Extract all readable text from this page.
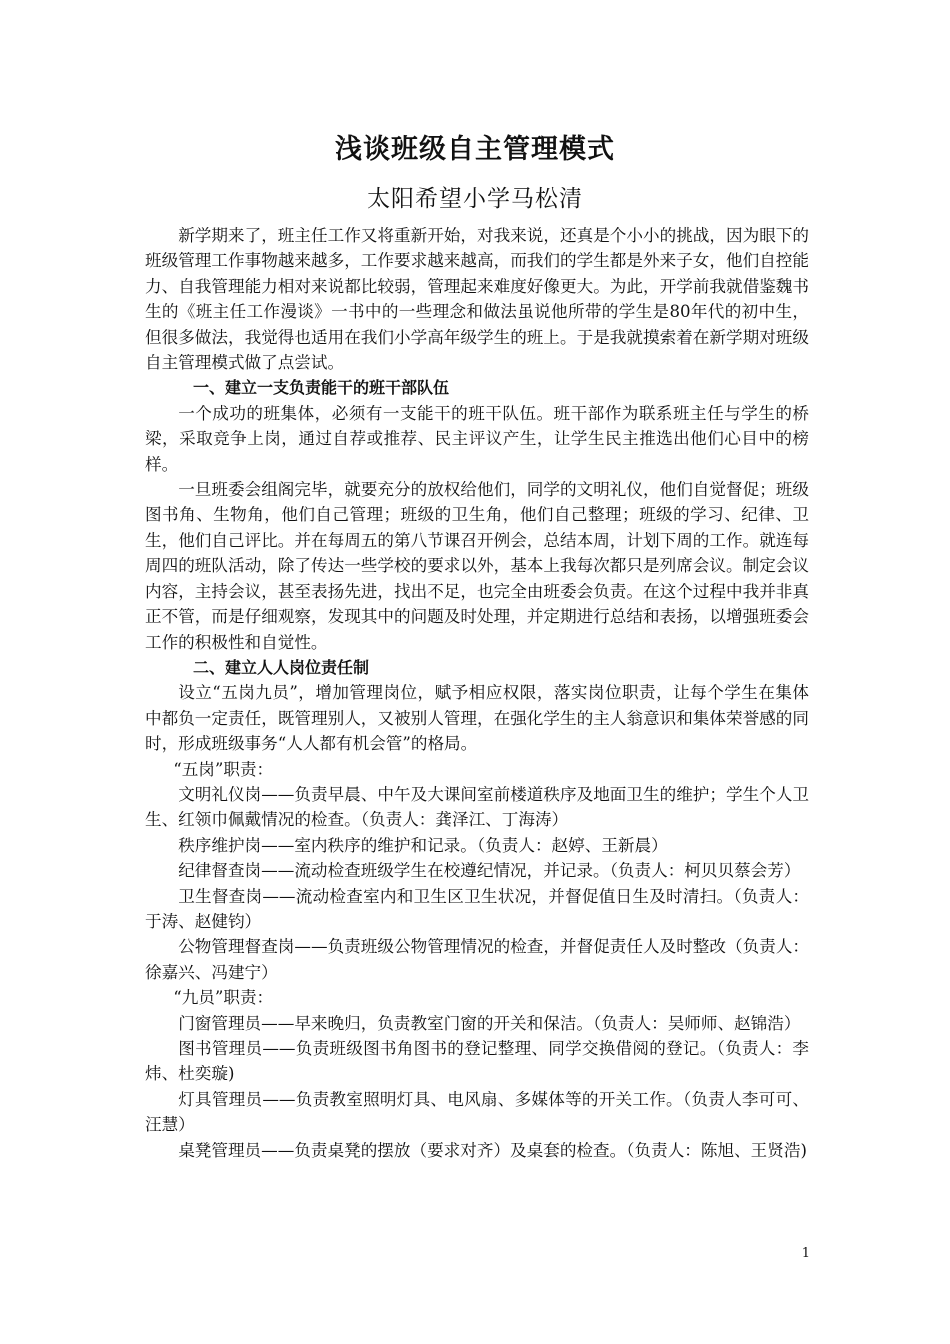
浅谈班级自主管理模式
太阳希望小学马松清

新学期来了，班主任工作又将重新开始，对我来说，还真是个小小的挑战，因为眼下的班级管理工作事物越来越多，工作要求越来越高，而我们的学生都是外来子女，他们自控能力、自我管理能力相对来说都比较弱，管理起来难度好像更大。为此，开学前我就借鉴魏书生的《班主任工作漫谈》一书中的一些理念和做法虽说他所带的学生是80年代的初中生，但很多做法，我觉得也适用在我们小学高年级学生的班上。于是我就摸索着在新学期对班级自主管理模式做了点尝试。

一、建立一支负责能干的班干部队伍

一个成功的班集体，必须有一支能干的班干队伍。班干部作为联系班主任与学生的桥梁，采取竞争上岗，通过自荐或推荐、民主评议产生，让学生民主推选出他们心目中的榜样。

一旦班委会组阁完毕，就要充分的放权给他们，同学的文明礼仪，他们自觉督促；班级图书角、生物角，他们自己管理；班级的卫生角，他们自己整理；班级的学习、纪律、卫生，他们自己评比。并在每周五的第八节课召开例会，总结本周，计划下周的工作。就连每周四的班队活动，除了传达一些学校的要求以外，基本上我每次都只是列席会议。制定会议内容，主持会议，甚至表扬先进，找出不足，也完全由班委会负责。在这个过程中我并非真正不管，而是仔细观察，发现其中的问题及时处理，并定期进行总结和表扬，以增强班委会工作的积极性和自觉性。

二、建立人人岗位责任制

设立“五岗九员”，增加管理岗位，赋予相应权限，落实岗位职责，让每个学生在集体中都负一定责任，既管理别人，又被别人管理，在强化学生的主人翁意识和集体荣誉感的同时，形成班级事务“人人都有机会管”的格局。

“五岗”职责：

文明礼仪岗——负责早晨、中午及大课间室前楼道秩序及地面卫生的维护；学生个人卫生、红领巾佩戴情况的检查。（负责人：龚泽江、丁海涛）

秩序维护岗——室内秩序的维护和记录。（负责人：赵婷、王新晨）

纪律督查岗——流动检查班级学生在校遵纪情况，并记录。（负责人：柯贝贝蔡会芳）

卫生督查岗——流动检查室内和卫生区卫生状况，并督促值日生及时清扫。（负责人：于涛、赵健钧）

公物管理督查岗——负责班级公物管理情况的检查，并督促责任人及时整改（负责人：徐嘉兴、冯建宁）

“九员”职责：

门窗管理员——早来晚归，负责教室门窗的开关和保洁。（负责人：吴师师、赵锦浩）

图书管理员——负责班级图书角图书的登记整理、同学交换借阅的登记。（负责人：李炜、杜奕璇)

灯具管理员——负责教室照明灯具、电风扇、多媒体等的开关工作。（负责人李可可、汪慧）

桌凳管理员——负责桌凳的摆放（要求对齐）及桌套的检查。（负责人：陈旭、王贤浩)

1
